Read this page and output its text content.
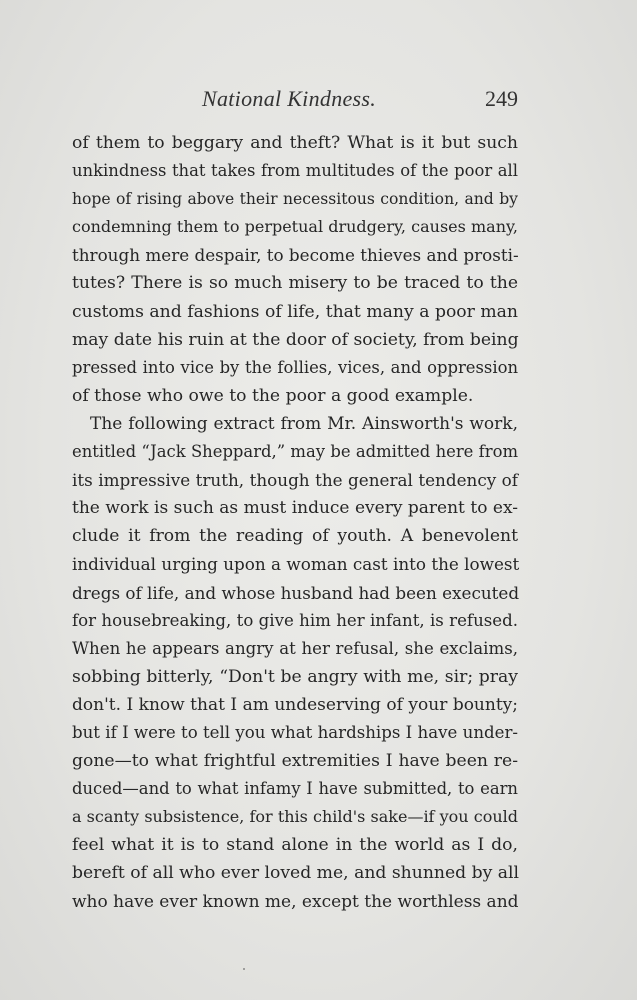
National Kindness.	249
of them to beggary and theft? What is it but such
unkindness that takes from multitudes of the poor all
hope of rising above their necessitous condition, and by
condemning them to perpetual drudgery, causes many,
through mere despair, to become thieves and prosti-
tutes? There is so much misery to be traced to the
customs and fashions of life, that many a poor man
may date his ruin at the door of society, from being
pressed into vice by the follies, vices, and oppression
of those who owe to the poor a good example.
The following extract from Mr. Ainsworth's work,
entitled “Jack Sheppard,” may be admitted here from
its impressive truth, though the general tendency of
the work is such as must induce every parent to ex-
clude it from the reading of youth. A benevolent
individual urging upon a woman cast into the lowest
dregs of life, and whose husband had been executed
for housebreaking, to give him her infant, is refused.
When he appears angry at her refusal, she exclaims,
sobbing bitterly, “Don't be angry with me, sir; pray
don't. I know that I am undeserving of your bounty;
but if I were to tell you what hardships I have under-
gone—to what frightful extremities I have been re-
duced—and to what infamy I have submitted, to earn
a scanty subsistence, for this child's sake—if you could
feel what it is to stand alone in the world as I do,
bereft of all who ever loved me, and shunned by all
who have ever known me, except the worthless and
